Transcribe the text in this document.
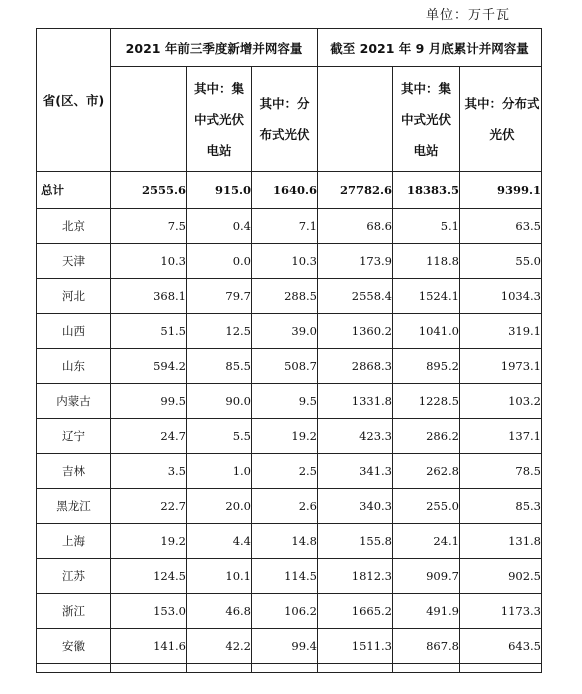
单位：万千瓦
省(区、市)	2021 年前三季度新增并网容量			截至 2021 年 9 月底累计并网容量		
		其中：集中式光伏电站	其中：分布式光伏		其中：集中式光伏电站	其中：分布式光伏
总计	2555.6	915.0	1640.6	27782.6	18383.5	9399.1
北京	7.5	0.4	7.1	68.6	5.1	63.5
天津	10.3	0.0	10.3	173.9	118.8	55.0
河北	368.1	79.7	288.5	2558.4	1524.1	1034.3
山西	51.5	12.5	39.0	1360.2	1041.0	319.1
山东	594.2	85.5	508.7	2868.3	895.2	1973.1
内蒙古	99.5	90.0	9.5	1331.8	1228.5	103.2
辽宁	24.7	5.5	19.2	423.3	286.2	137.1
吉林	3.5	1.0	2.5	341.3	262.8	78.5
黑龙江	22.7	20.0	2.6	340.3	255.0	85.3
上海	19.2	4.4	14.8	155.8	24.1	131.8
江苏	124.5	10.1	114.5	1812.3	909.7	902.5
浙江	153.0	46.8	106.2	1665.2	491.9	1173.3
安徽	141.6	42.2	99.4	1511.3	867.8	643.5
